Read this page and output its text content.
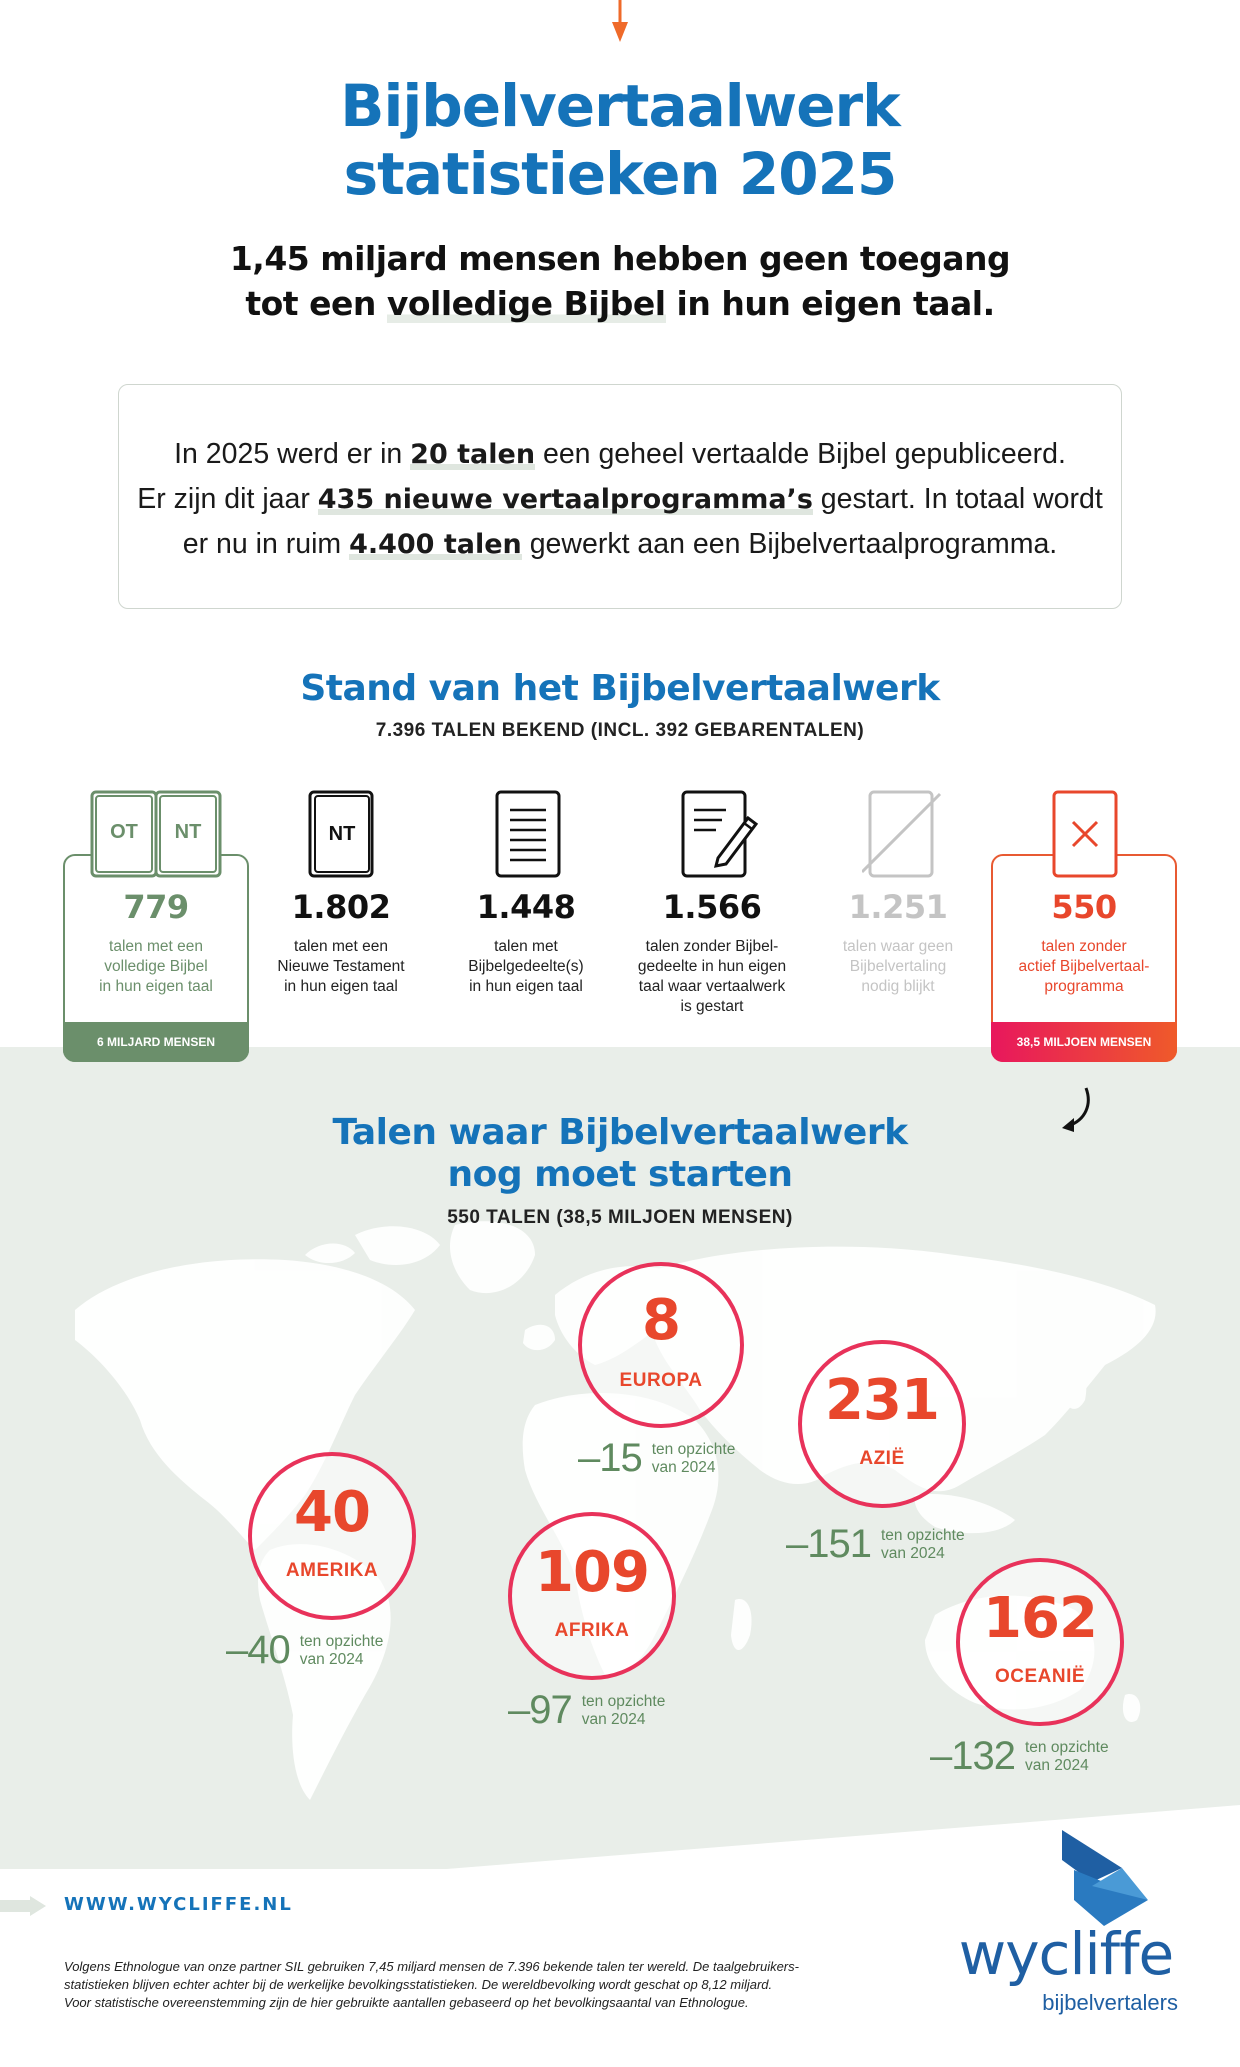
Bijbelvertaalwerk
statistieken 2025
1,45 miljard mensen hebben geen toegang
tot een volledige Bijbel in hun eigen taal.
In 2025 werd er in 20 talen een geheel vertaalde Bijbel gepubliceerd.
Er zijn dit jaar 435 nieuwe vertaalprogramma’s gestart. In totaal wordt
er nu in ruim 4.400 talen gewerkt aan een Bijbelvertaalprogramma.
Stand van het Bijbelvertaalwerk
7.396 TALEN BEKEND (INCL. 392 GEBARENTALEN)
6 MILJARD MENSEN	38,5 MILJOEN MENSEN
OT NT	NT
779	1.802	1.448	1.566	1.251	550
talen met een
volledige Bijbel
in hun eigen taal
talen met een
Nieuwe Testament
in hun eigen taal
talen met
Bijbelgedeelte(s)
in hun eigen taal
talen zonder Bijbel-
gedeelte in hun eigen
taal waar vertaalwerk
is gestart
talen waar geen
Bijbelvertaling
nodig blijkt
talen zonder
actief Bijbelvertaal-
programma
Talen waar Bijbelvertaalwerk
nog moet starten
550 TALEN (38,5 MILJOEN MENSEN)
8
EUROPA
–15 ten opzichte
van 2024
231
AZIË
–151 ten opzichte
van 2024
40
AMERIKA
–40 ten opzichte
van 2024
109
AFRIKA
–97 ten opzichte
van 2024
162
OCEANIË
–132 ten opzichte
van 2024
WWW.WYCLIFFE.NL
Volgens Ethnologue van onze partner SIL gebruiken 7,45 miljard mensen de 7.396 bekende talen ter wereld. De taalgebruikers-
statistieken blijven echter achter bij de werkelijke bevolkingsstatistieken. De wereldbevolking wordt geschat op 8,12 miljard.
Voor statistische overeenstemming zijn de hier gebruikte aantallen gebaseerd op het bevolkingsaantal van Ethnologue.
wycliffe
bijbelvertalers
